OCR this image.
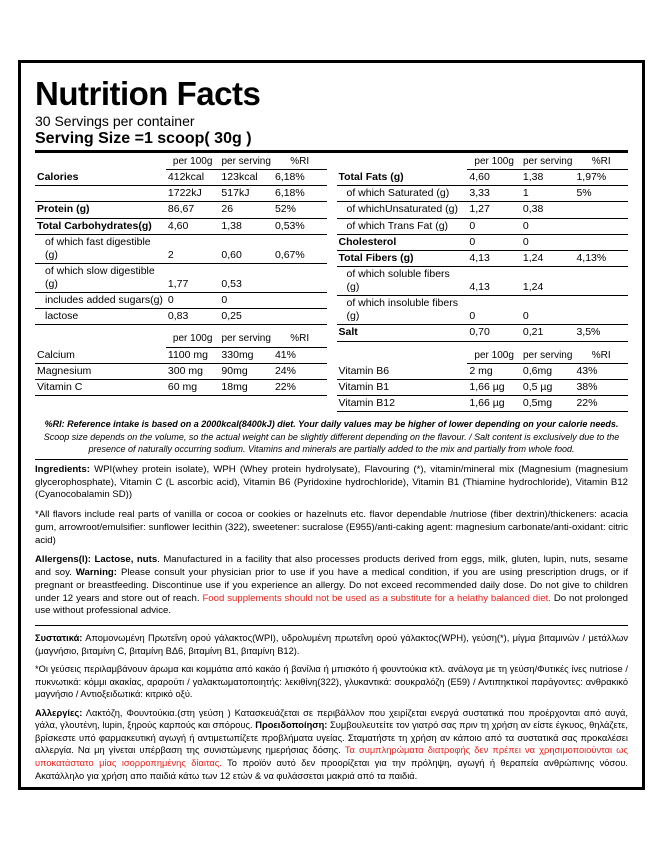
Nutrition Facts
30 Servings per container
Serving Size =1 scoop( 30g )
	per 100g	per serving	%RI
Calories	412kcal	123kcal	6,18%
	1722kJ	517kJ	6,18%
Protein (g)	86,67	26	52%
Total Carbohydrates(g)	4,60	1,38	0,53%
of which fast digestible (g)	2	0,60	0,67%
of which slow digestible (g)	1,77	0,53	
includes added sugars(g)	0	0	
lactose	0,83	0,25	
	per 100g	per serving	%RI
Calcium	1100 mg	330mg	41%
Magnesium	300 mg	90mg	24%
Vitamin C	60 mg	18mg	22%
	per 100g	per serving	%RI
Total Fats (g)	4,60	1,38	1,97%
of which Saturated (g)	3,33	1	5%
of whichUnsaturated (g)	1,27	0,38	
of which Trans Fat (g)	0	0	
Cholesterol	0	0	
Total Fibers (g)	4,13	1,24	4,13%
of which soluble fibers (g)	4,13	1,24	
of which insoluble fibers (g)	0	0	
Salt	0,70	0,21	3,5%
	per 100g	per serving	%RI
Vitamin B6	2 mg	0,6mg	43%
Vitamin B1	1,66 µg	0,5 µg	38%
Vitamin B12	1,66 µg	0,5mg	22%
%RI: Reference intake is based on a 2000kcal(8400kJ) diet. Your daily values may be higher of lower depending on your calorie needs. Scoop size depends on the volume, so the actual weight can be slightly different depending on the flavour. / Salt content is exclusively due to the presence of naturally occurring sodium. Vitamins and minerals are partially added to the mix and partially from whole food.
Ingredients: WPI(whey protein isolate), WPH (Whey protein hydrolysate), Flavouring (*), vitamin/mineral mix (Magnesium (magnesium glycerophosphate), Vitamin C (L ascorbic acid), Vitamin B6 (Pyridoxine hydrochloride), Vitamin B1 (Thiamine hydrochloride), Vitamin B12 (Cyanocobalamin SD))
*All flavors include real parts of vanilla or cocoa or cookies or hazelnuts etc. flavor dependable /nutriose (fiber dextrin)/thickeners: acacia gum, arrowroot/emulsifier: sunflower lecithin (322), sweetener: sucralose (E955)/anti-caking agent: magnesium carbonate/anti-oxidant: citric acid)
Allergens(l): Lactose, nuts. Manufactured in a facility that also processes products derived from eggs, milk, gluten, lupin, nuts, sesame and soy. Warning: Please consult your physician prior to use if you have a medical condition, if you are using prescription drugs, or if pregnant or breastfeeding. Discontinue use if you experience an allergy. Do not exceed recommended daily dose. Do not give to children under 12 years and store out of reach. Food supplements should not be used as a substitute for a helathy balanced diet. Do not prolonged use without professional advice.
Συστατικά: Απομονωμένη Πρωτεΐνη ορού γάλακτος(WPI), υδρολυμένη πρωτεΐνη ορού γάλακτος(WPH), γεύση(*), μίγμα βιταμινών / μετάλλων (μαγνήσιο, βιταμίνη C, βιταμίνη ΒΔ6, βιταμίνη B1, βιταμίνη B12).
*Οι γεύσεις περιλαμβάνουν άρωμα και κομμάτια από κακάο ή βανίλια ή μπισκότο ή φουντούκια κτλ. ανάλογα με τη γεύση/Φυτικές ίνες nutriose / πυκνωτικά: κόμμι ακακίας, αραρούτι / γαλακτωματοποιητής: λεκιθίνη(322), γλυκαντικά: σουκραλόζη (Ε59) / Αντιπηκτικοί παράγοντες: ανθρακικό μαγνήσιο / Αντιοξειδωτικά: κιτρικό οξύ.
Αλλεργίες: Λακτόζη, Φουντούκια.(στη γεύση ) Κατασκευάζεται σε περιβάλλον που χειρίζεται ενεργά συστατικά που προέρχονται από αυγά, γάλα, γλουτένη, lupin, ξηρούς καρπούς και σπόρους. Προειδοποίηση: Συμβουλευτείτε τον γιατρό σας πριν τη χρήση αν είστε έγκυος, θηλάζετε, βρίσκεστε υπό φαρμακευτική αγωγή ή αντιμετωπίζετε προβλήματα υγείας. Σταματήστε τη χρήση αν κάποιο από τα συστατικά σας προκαλέσει αλλεργία. Να μη γίνεται υπέρβαση της συνιστώμενης ημερήσιας δόσης. Τα συμπληρώματα διατροφής δεν πρέπει να χρησιμοποιούνται ως υποκατάστατο μίας ισορροπημένης δίαιτας. Το προϊόν αυτό δεν προορίζεται για την πρόληψη, αγωγή ή θεραπεία ανθρώπινης νόσου. Ακατάλληλο για χρήση απο παιδιά κάτω των 12 ετών & να φυλάσσεται μακριά από τα παιδιά.
